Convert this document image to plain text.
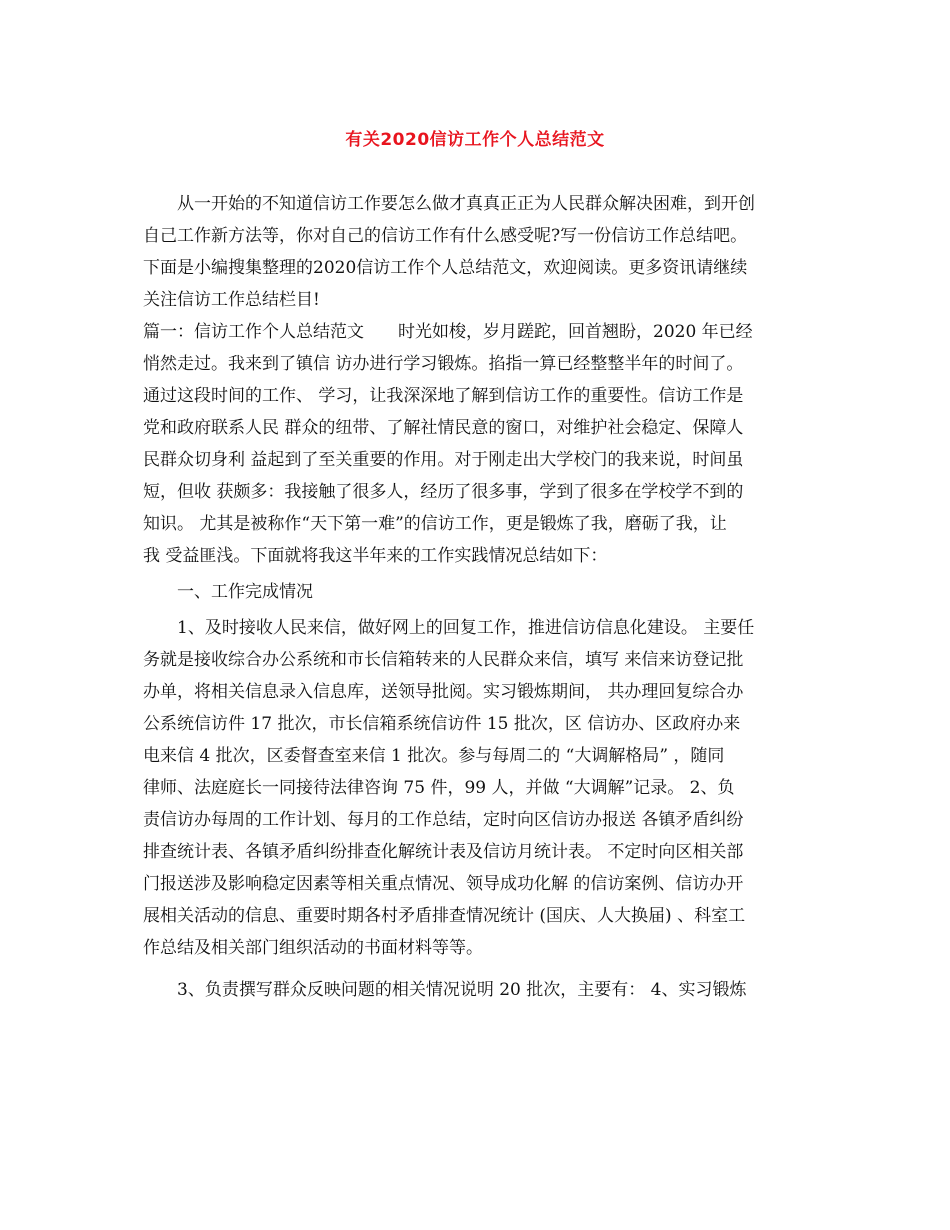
有关2020信访工作个人总结范文
从一开始的不知道信访工作要怎么做才真真正正为人民群众解决困难，到开创
自己工作新方法等，你对自己的信访工作有什么感受呢?写一份信访工作总结吧。
下面是小编搜集整理的2020信访工作个人总结范文，欢迎阅读。更多资讯请继续
关注信访工作总结栏目!
篇一：信访工作个人总结范文　　时光如梭，岁月蹉跎，回首翘盼，2020 年已经
悄然走过。我来到了镇信 访办进行学习锻炼。掐指一算已经整整半年的时间了。
通过这段时间的工作、 学习，让我深深地了解到信访工作的重要性。信访工作是
党和政府联系人民 群众的纽带、了解社情民意的窗口，对维护社会稳定、保障人
民群众切身利 益起到了至关重要的作用。对于刚走出大学校门的我来说，时间虽
短，但收 获颇多：我接触了很多人，经历了很多事，学到了很多在学校学不到的
知识。 尤其是被称作“天下第一难”的信访工作，更是锻炼了我，磨砺了我，让
我 受益匪浅。下面就将我这半年来的工作实践情况总结如下：
一、工作完成情况
1、及时接收人民来信，做好网上的回复工作，推进信访信息化建设。 主要任
务就是接收综合办公系统和市长信箱转来的人民群众来信，填写 来信来访登记批
办单，将相关信息录入信息库，送领导批阅。实习锻炼期间， 共办理回复综合办
公系统信访件 17 批次，市长信箱系统信访件 15 批次，区 信访办、区政府办来
电来信 4 批次，区委督查室来信 1 批次。参与每周二的 “大调解格局” ，随同
律师、法庭庭长一同接待法律咨询 75 件，99 人，并做 “大调解”记录。 2、负
责信访办每周的工作计划、每月的工作总结，定时向区信访办报送 各镇矛盾纠纷
排查统计表、各镇矛盾纠纷排查化解统计表及信访月统计表。 不定时向区相关部
门报送涉及影响稳定因素等相关重点情况、领导成功化解 的信访案例、信访办开
展相关活动的信息、重要时期各村矛盾排查情况统计 (国庆、人大换届) 、科室工
作总结及相关部门组织活动的书面材料等等。
3、负责撰写群众反映问题的相关情况说明 20 批次，主要有： 4、实习锻炼
